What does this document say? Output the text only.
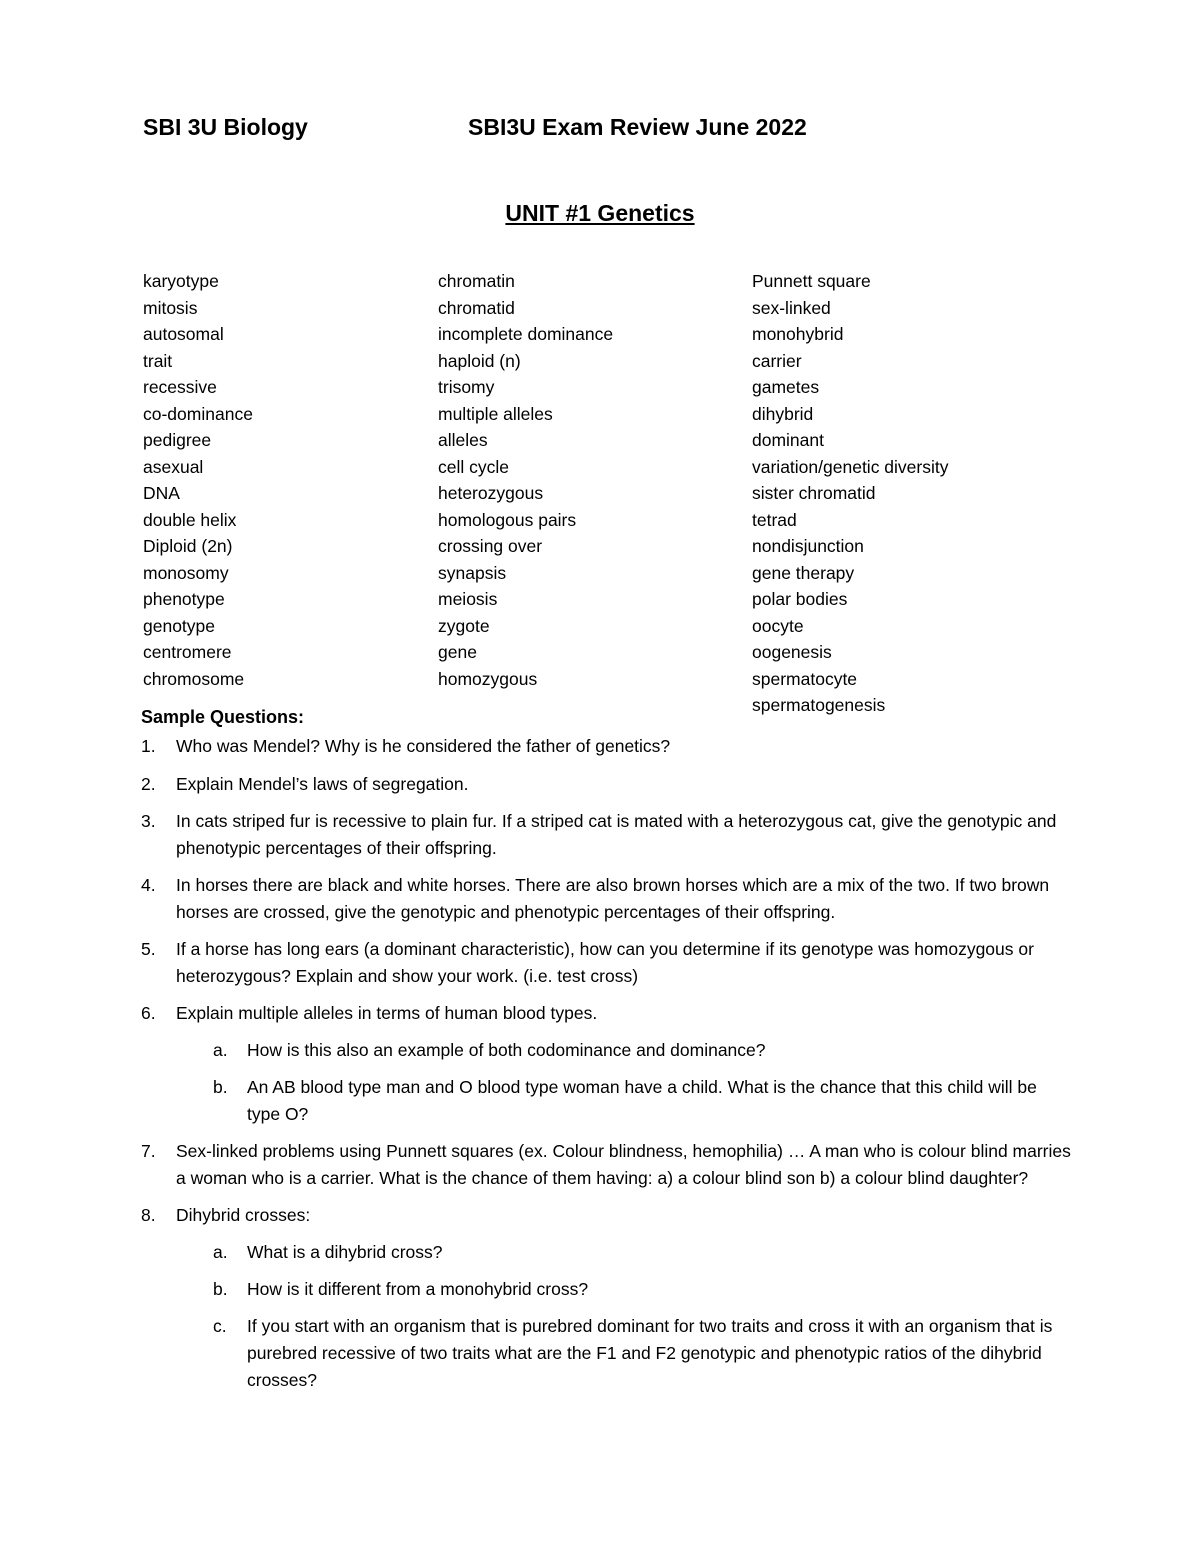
SBI 3U Biology	SBI3U Exam Review June 2022
UNIT #1 Genetics
karyotype
mitosis
autosomal
trait
recessive
co-dominance
pedigree
asexual
DNA
double helix
Diploid (2n)
monosomy
phenotype
genotype
centromere
chromosome
chromatin
chromatid
incomplete dominance
haploid (n)
trisomy
multiple alleles
alleles
cell cycle
heterozygous
homologous pairs
crossing over
synapsis
meiosis
zygote
gene
homozygous
Punnett square
sex-linked
monohybrid
carrier
gametes
dihybrid
dominant
variation/genetic diversity
sister chromatid
tetrad
nondisjunction
gene therapy
polar bodies
oocyte
oogenesis
spermatocyte
spermatogenesis
Sample Questions:
1. Who was Mendel? Why is he considered the father of genetics?
2. Explain Mendel’s laws of segregation.
3. In cats striped fur is recessive to plain fur. If a striped cat is mated with a heterozygous cat, give the genotypic and phenotypic percentages of their offspring.
4. In horses there are black and white horses. There are also brown horses which are a mix of the two. If two brown horses are crossed, give the genotypic and phenotypic percentages of their offspring.
5. If a horse has long ears (a dominant characteristic), how can you determine if its genotype was homozygous or heterozygous? Explain and show your work. (i.e. test cross)
6. Explain multiple alleles in terms of human blood types.
a. How is this also an example of both codominance and dominance?
b. An AB blood type man and O blood type woman have a child. What is the chance that this child will be type O?
7. Sex-linked problems using Punnett squares (ex. Colour blindness, hemophilia) … A man who is colour blind marries a woman who is a carrier. What is the chance of them having: a) a colour blind son b) a colour blind daughter?
8. Dihybrid crosses:
a. What is a dihybrid cross?
b. How is it different from a monohybrid cross?
c. If you start with an organism that is purebred dominant for two traits and cross it with an organism that is purebred recessive of two traits what are the F1 and F2 genotypic and phenotypic ratios of the dihybrid crosses?
